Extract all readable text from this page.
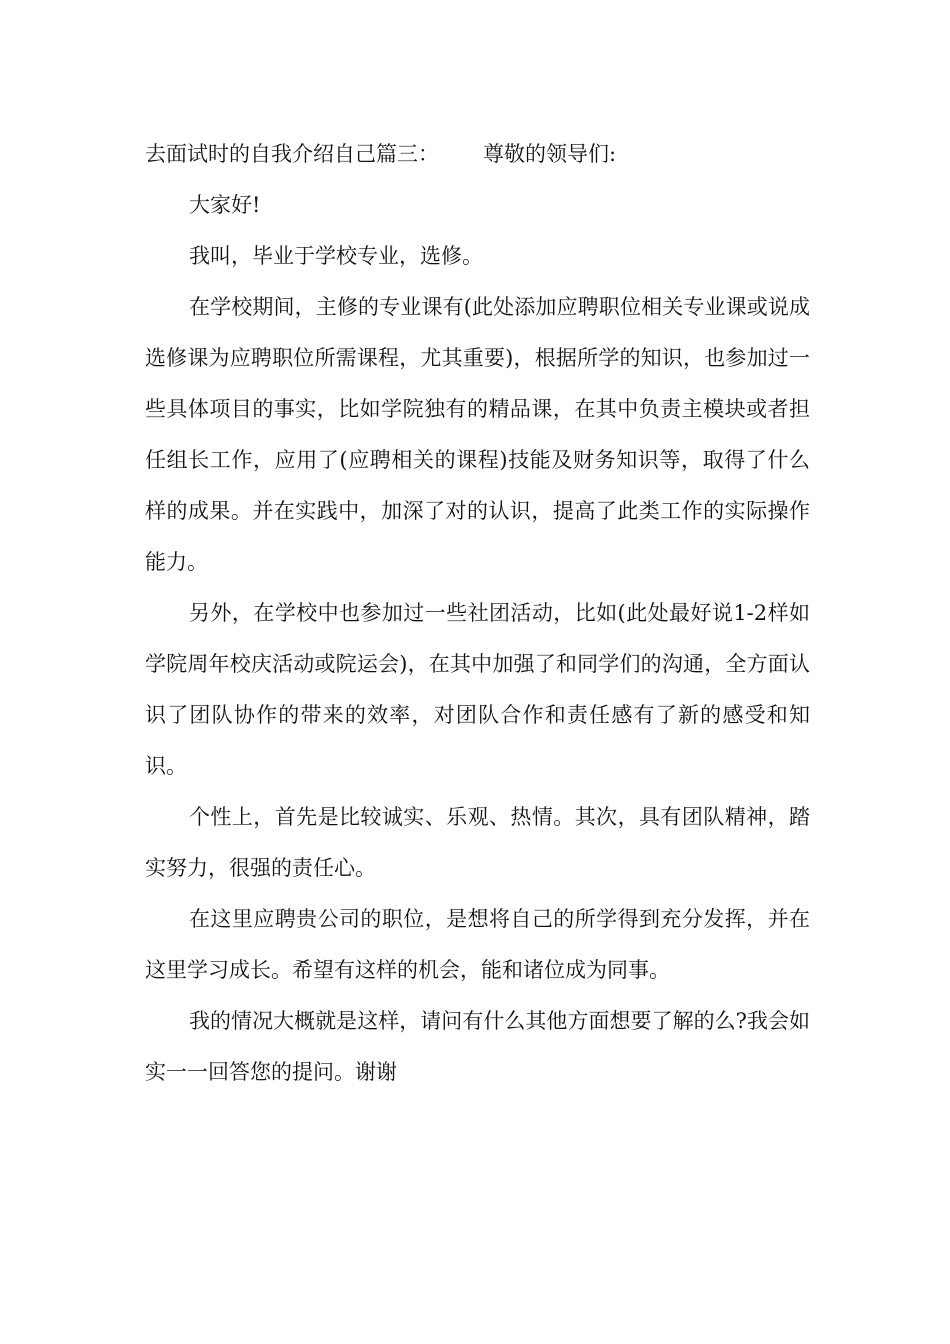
去面试时的自我介绍自己篇三： 尊敬的领导们:

大家好!

我叫，毕业于学校专业，选修。

在学校期间，主修的专业课有(此处添加应聘职位相关专业课或说成选修课为应聘职位所需课程，尤其重要)，根据所学的知识，也参加过一些具体项目的事实，比如学院独有的精品课，在其中负责主模块或者担任组长工作，应用了(应聘相关的课程)技能及财务知识等，取得了什么样的成果。并在实践中，加深了对的认识，提高了此类工作的实际操作能力。

另外，在学校中也参加过一些社团活动，比如(此处最好说1-2样如学院周年校庆活动或院运会)，在其中加强了和同学们的沟通，全方面认识了团队协作的带来的效率，对团队合作和责任感有了新的感受和知识。

个性上，首先是比较诚实、乐观、热情。其次，具有团队精神，踏实努力，很强的责任心。

在这里应聘贵公司的职位，是想将自己的所学得到充分发挥，并在这里学习成长。希望有这样的机会，能和诸位成为同事。

我的情况大概就是这样，请问有什么其他方面想要了解的么?我会如实一一回答您的提问。谢谢
